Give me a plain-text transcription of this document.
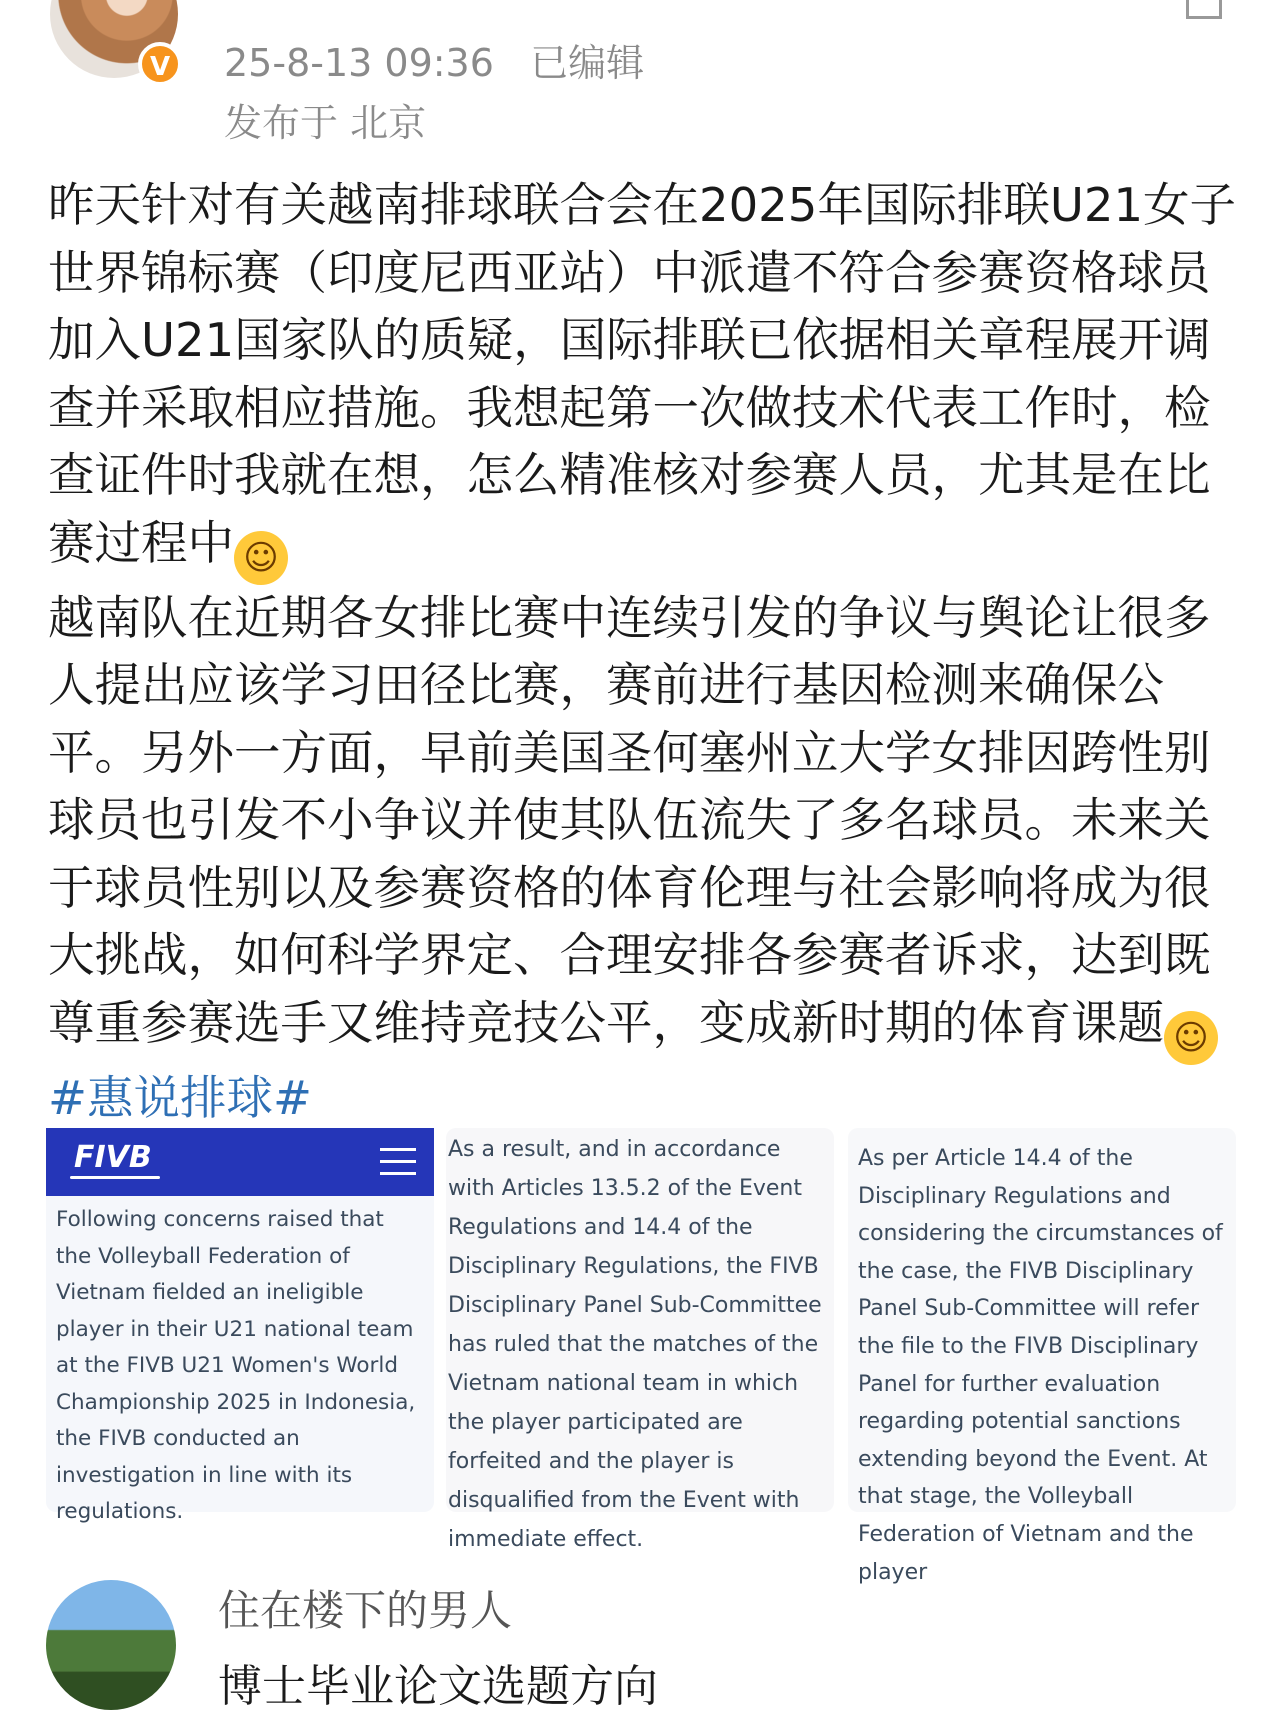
V	25-8-13 09:36 已编辑
发布于 北京

昨天针对有关越南排球联合会在2025年国际排联U21女子世界锦标赛（印度尼西亚站）中派遣不符合参赛资格球员加入U21国家队的质疑，国际排联已依据相关章程展开调查并采取相应措施。我想起第一次做技术代表工作时，检查证件时我就在想，怎么精准核对参赛人员，尤其是在比赛过程中 ☺

越南队在近期各女排比赛中连续引发的争议与舆论让很多人提出应该学习田径比赛，赛前进行基因检测来确保公平。另外一方面，早前美国圣何塞州立大学女排因跨性别球员也引发不小争议并使其队伍流失了多名球员。未来关于球员性别以及参赛资格的体育伦理与社会影响将成为很大挑战，如何科学界定、合理安排各参赛者诉求，达到既尊重参赛选手又维持竞技公平，变成新时期的体育课题 ☺#惠说排球#

FIVB
Following concerns raised that the Volleyball Federation of Vietnam fielded an ineligible player in their U21 national team at the FIVB U21 Women's World Championship 2025 in Indonesia, the FIVB conducted an investigation in line with its regulations.
As a result, and in accordance with Articles 13.5.2 of the Event Regulations and 14.4 of the Disciplinary Regulations, the FIVB Disciplinary Panel Sub-Committee has ruled that the matches of the Vietnam national team in which the player participated are forfeited and the player is disqualified from the Event with immediate effect.
As per Article 14.4 of the Disciplinary Regulations and considering the circumstances of the case, the FIVB Disciplinary Panel Sub-Committee will refer the file to the FIVB Disciplinary Panel for further evaluation regarding potential sanctions extending beyond the Event. At that stage, the Volleyball Federation of Vietnam and the player
住在楼下的男人
博士毕业论文选题方向
